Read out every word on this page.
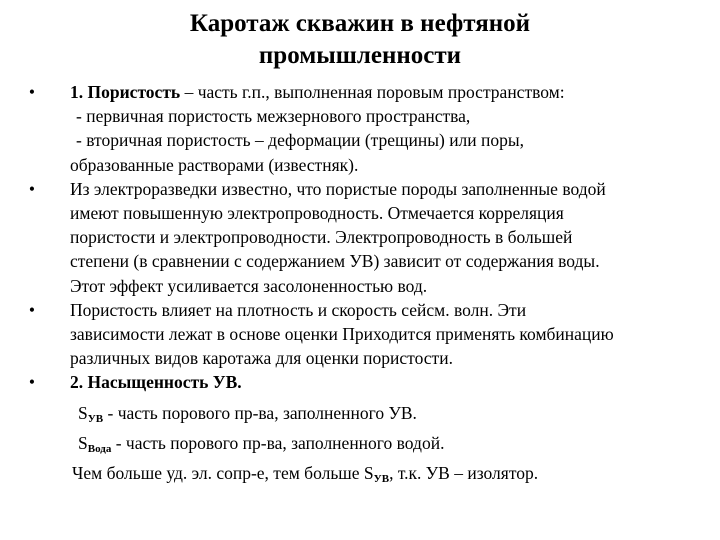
Каротаж скважин в нефтяной
промышленности
•	1. Пористость – часть г.п., выполненная поровым пространством:
- первичная пористость межзернового пространства,
- вторичная пористость – деформации (трещины) или поры,
образованные растворами (известняк).
•	Из электроразведки известно, что пористые породы заполненные водой
имеют повышенную электропроводность. Отмечается корреляция
пористости и электропроводности. Электропроводность в большей
степени (в сравнении с содержанием УВ) зависит от содержания воды.
Этот эффект усиливается засолоненностью вод.
•	Пористость влияет на плотность и скорость сейсм. волн. Эти
зависимости лежат в основе оценки Приходится применять комбинацию
различных видов каротажа для оценки пористости.
•	2. Насыщенность УВ.
$S_{УВ}$ - часть порового пр-ва, заполненного УВ.
$S_{Вода}$ - часть порового пр-ва, заполненного водой.
Чем больше уд. эл. сопр-е, тем больше $S_{УВ}$, т.к. УВ – изолятор.
